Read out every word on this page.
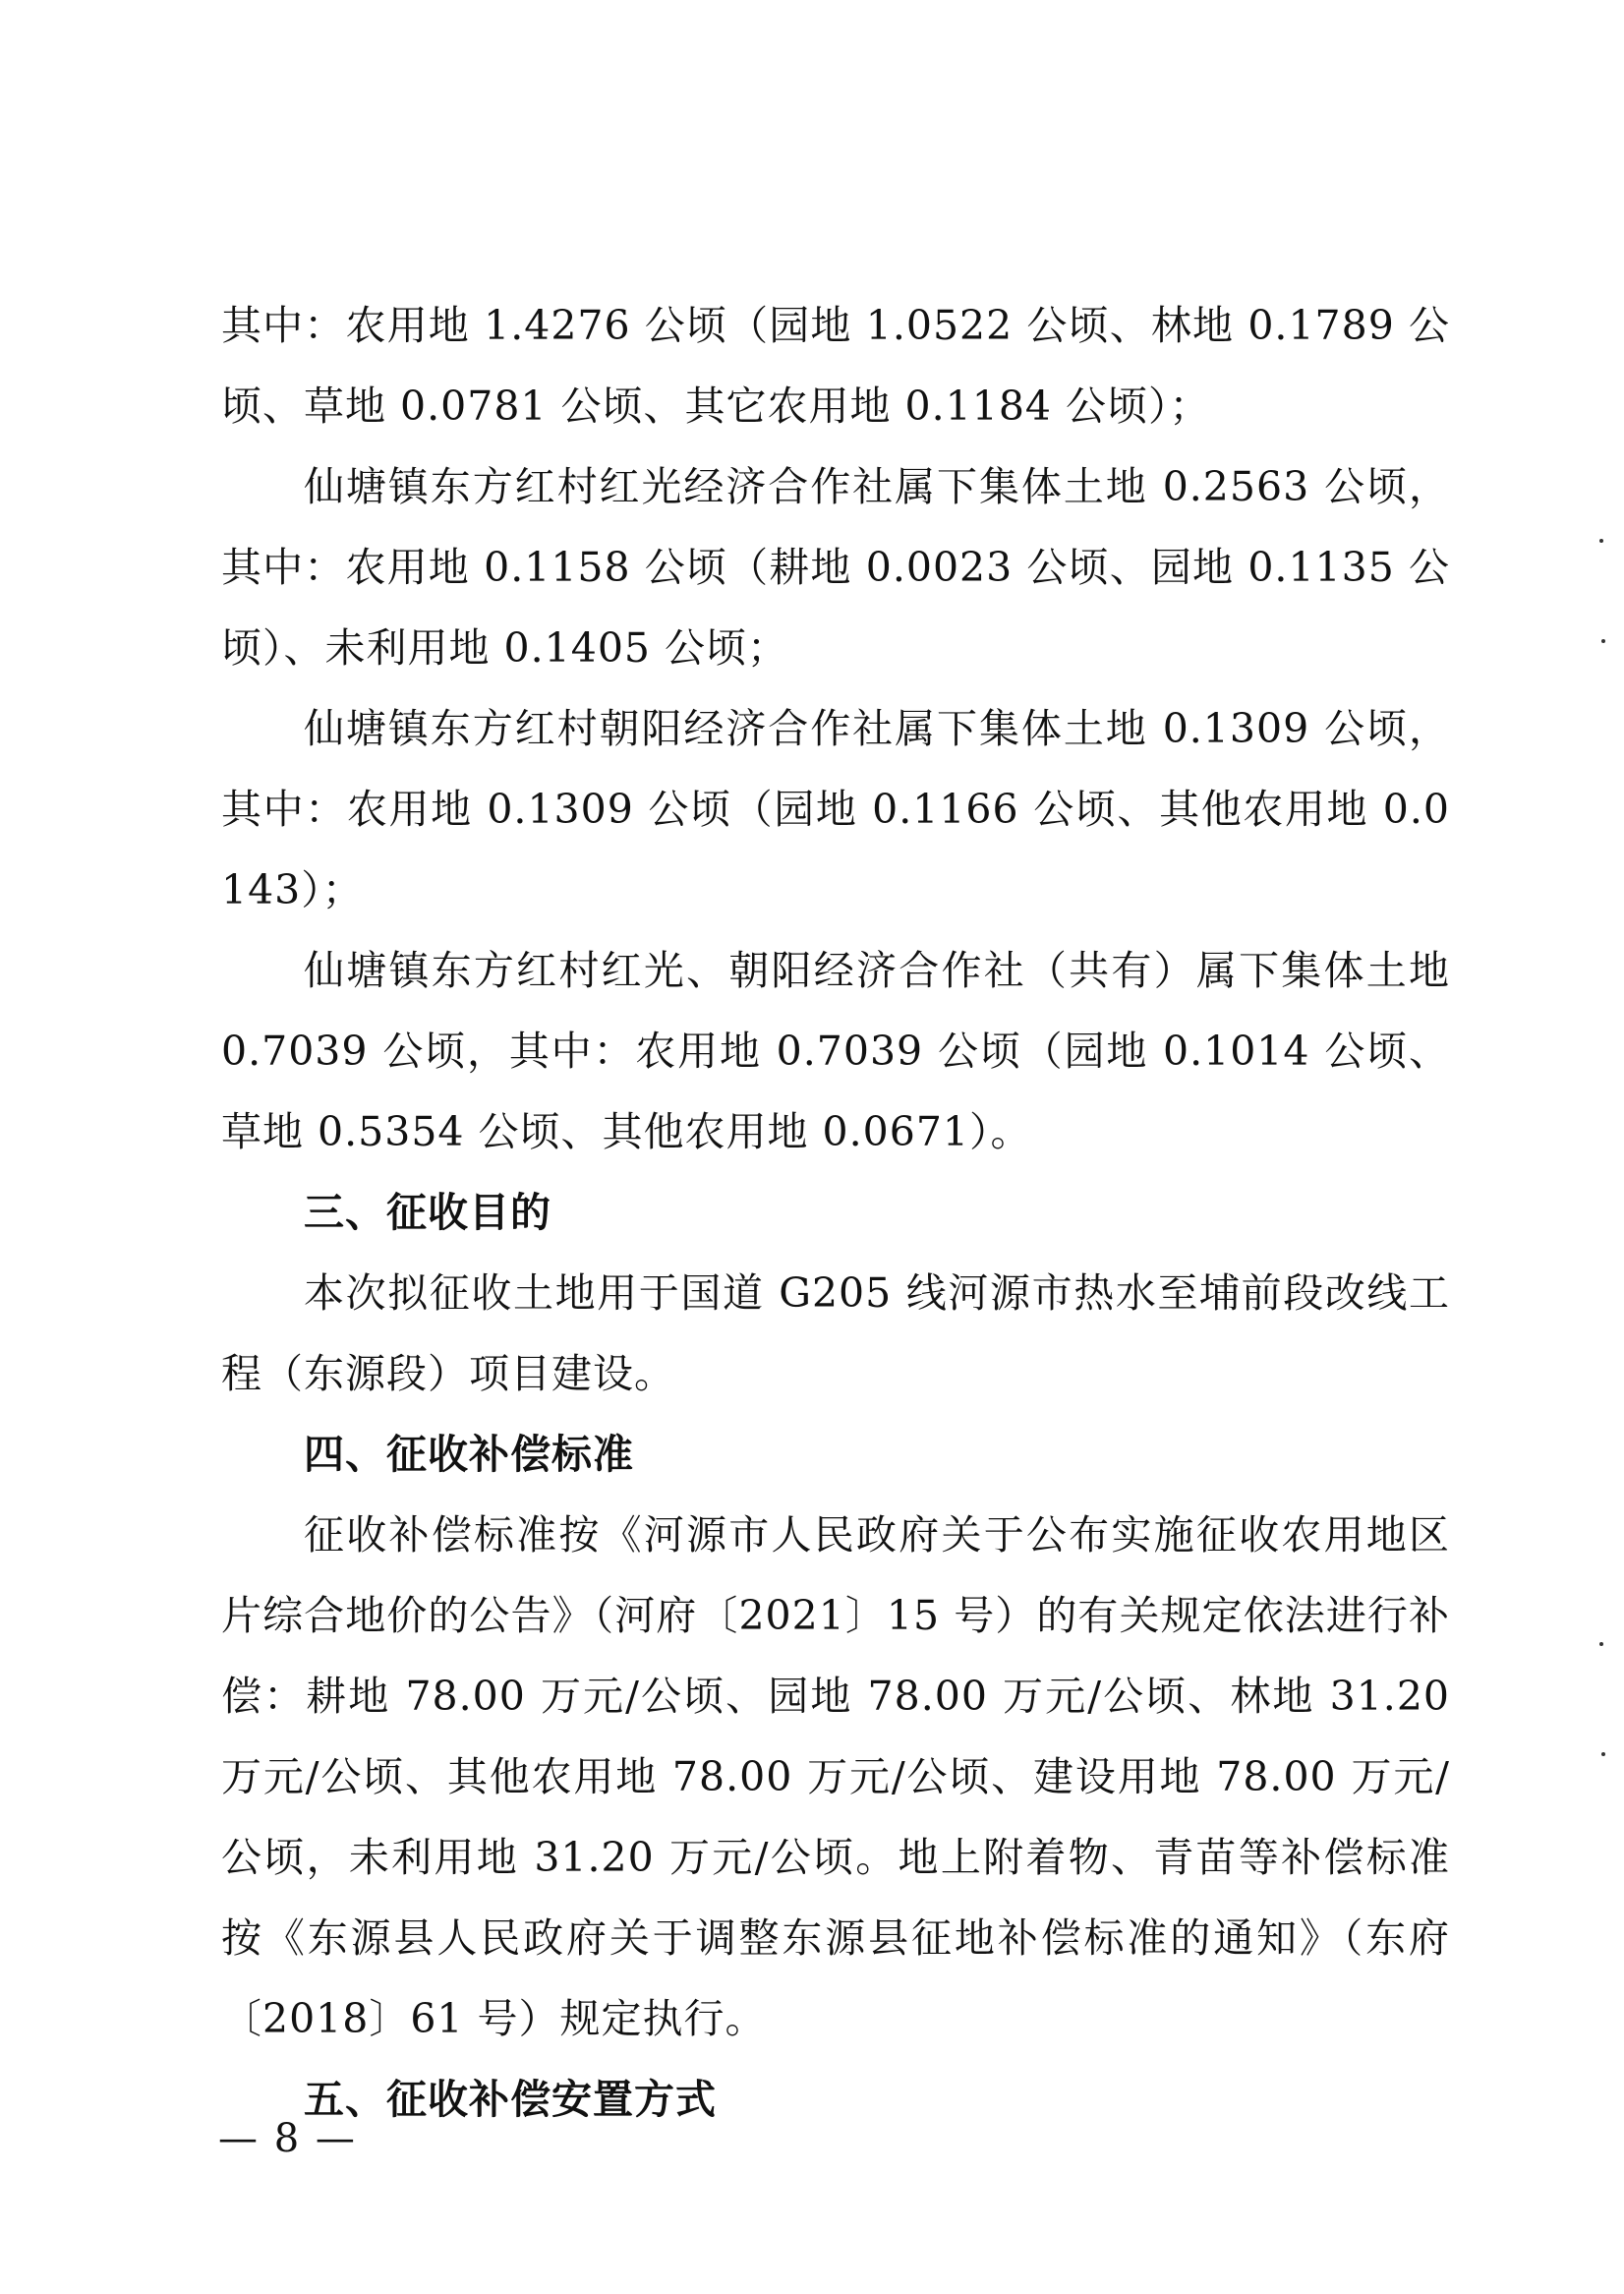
其中：农用地 1.4276 公顷（园地 1.0522 公顷、林地 0.1789 公顷、草地 0.0781 公顷、其它农用地 0.1184 公顷）；

仙塘镇东方红村红光经济合作社属下集体土地 0.2563 公顷，其中：农用地 0.1158 公顷（耕地 0.0023 公顷、园地 0.1135 公顷）、未利用地 0.1405 公顷；

仙塘镇东方红村朝阳经济合作社属下集体土地 0.1309 公顷，其中：农用地 0.1309 公顷（园地 0.1166 公顷、其他农用地 0.0143）；

仙塘镇东方红村红光、朝阳经济合作社（共有）属下集体土地 0.7039 公顷，其中：农用地 0.7039 公顷（园地 0.1014 公顷、草地 0.5354 公顷、其他农用地 0.0671）。

三、征收目的

本次拟征收土地用于国道 G205 线河源市热水至埔前段改线工程（东源段）项目建设。

四、征收补偿标准

征收补偿标准按《河源市人民政府关于公布实施征收农用地区片综合地价的公告》（河府〔2021〕15 号）的有关规定依法进行补偿：耕地 78.00 万元/公顷、园地 78.00 万元/公顷、林地 31.20 万元/公顷、其他农用地 78.00 万元/公顷、建设用地 78.00 万元/公顷，未利用地 31.20 万元/公顷。地上附着物、青苗等补偿标准按《东源县人民政府关于调整东源县征地补偿标准的通知》（东府〔2018〕61 号）规定执行。

五、征收补偿安置方式
— 8 —
